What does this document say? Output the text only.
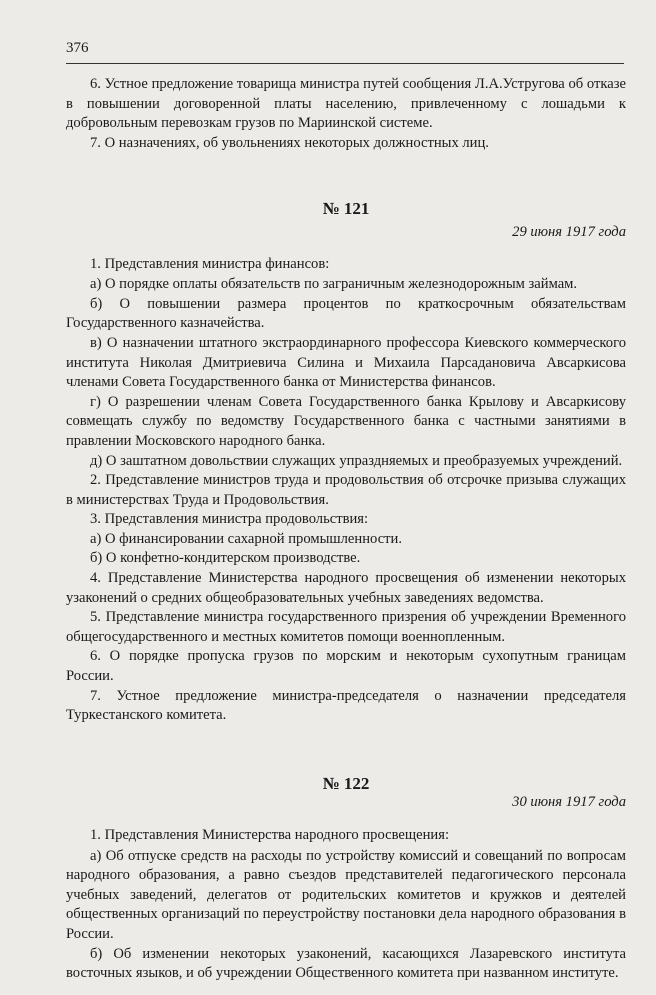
376

6. Устное предложение товарища министра путей сообщения Л.А.Устругова об отказе в повышении договоренной платы населению, привлеченному с лошадьми к добровольным перевозкам грузов по Мариинской системе.

7. О назначениях, об увольнениях некоторых должностных лиц.

№ 121

29 июня 1917 года

1. Представления министра финансов:

а) О порядке оплаты обязательств по заграничным железнодорожным займам.

б) О повышении размера процентов по краткосрочным обязательствам Государственного казначейства.

в) О назначении штатного экстраординарного профессора Киевского коммерческого института Николая Дмитриевича Силина и Михаила Парсадановича Авсаркисова членами Совета Государственного банка от Министерства финансов.

г) О разрешении членам Совета Государственного банка Крылову и Авсаркисову совмещать службу по ведомству Государственного банка с частными занятиями в правлении Московского народного банка.

д) О заштатном довольствии служащих упраздняемых и преобразуемых учреждений.

2. Представление министров труда и продовольствия об отсрочке призыва служащих в министерствах Труда и Продовольствия.

3. Представления министра продовольствия:

а) О финансировании сахарной промышленности.

б) О конфетно-кондитерском производстве.

4. Представление Министерства народного просвещения об изменении некоторых узаконений о средних общеобразовательных учебных заведениях ведомства.

5. Представление министра государственного призрения об учреждении Временного общегосударственного и местных комитетов помощи военнопленным.

6. О порядке пропуска грузов по морским и некоторым сухопутным границам России.

7. Устное предложение министра-председателя о назначении председателя Туркестанского комитета.

№ 122

30 июня 1917 года

1. Представления Министерства народного просвещения:

а) Об отпуске средств на расходы по устройству комиссий и совещаний по вопросам народного образования, а равно съездов представителей педагогического персонала учебных заведений, делегатов от родительских комитетов и кружков и деятелей общественных организаций по переустройству постановки дела народного образования в России.

б) Об изменении некоторых узаконений, касающихся Лазаревского института восточных языков, и об учреждении Общественного комитета при названном институте.
